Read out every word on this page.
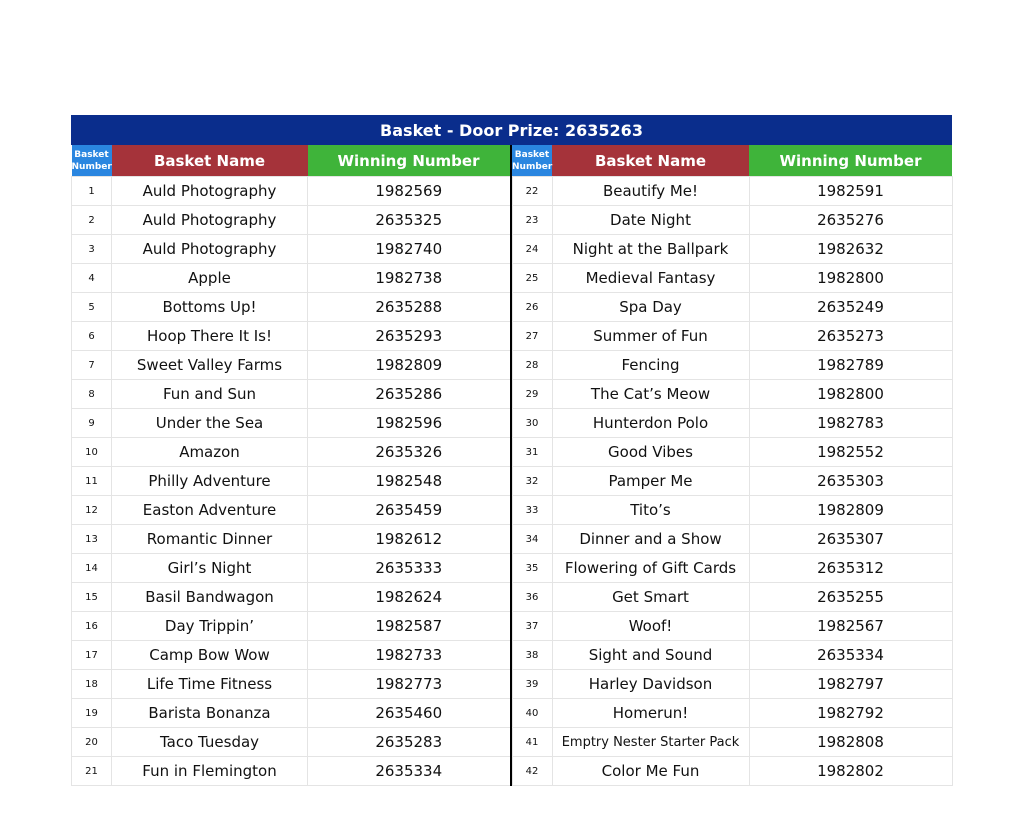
Basket - Door Prize: 2635263
Basket
Number	Basket Name	Winning Number
1	Auld Photography	1982569
2	Auld Photography	2635325
3	Auld Photography	1982740
4	Apple	1982738
5	Bottoms Up!	2635288
6	Hoop There It Is!	2635293
7	Sweet Valley Farms	1982809
8	Fun and Sun	2635286
9	Under the Sea	1982596
10	Amazon	2635326
11	Philly Adventure	1982548
12	Easton Adventure	2635459
13	Romantic Dinner	1982612
14	Girl’s Night	2635333
15	Basil Bandwagon	1982624
16	Day Trippin’	1982587
17	Camp Bow Wow	1982733
18	Life Time Fitness	1982773
19	Barista Bonanza	2635460
20	Taco Tuesday	2635283
21	Fun in Flemington	2635334
Basket
Number	Basket Name	Winning Number
22	Beautify Me!	1982591
23	Date Night	2635276
24	Night at the Ballpark	1982632
25	Medieval Fantasy	1982800
26	Spa Day	2635249
27	Summer of Fun	2635273
28	Fencing	1982789
29	The Cat’s Meow	1982800
30	Hunterdon Polo	1982783
31	Good Vibes	1982552
32	Pamper Me	2635303
33	Tito’s	1982809
34	Dinner and a Show	2635307
35	Flowering of Gift Cards	2635312
36	Get Smart	2635255
37	Woof!	1982567
38	Sight and Sound	2635334
39	Harley Davidson	1982797
40	Homerun!	1982792
41	Emptry Nester Starter Pack	1982808
42	Color Me Fun	1982802
